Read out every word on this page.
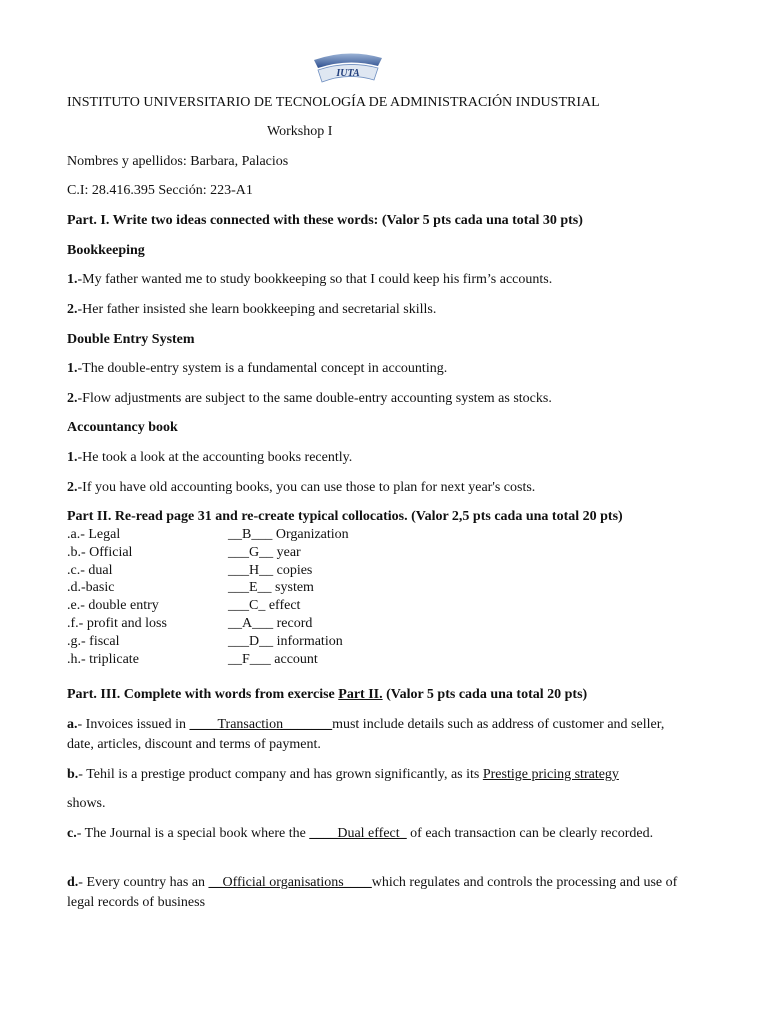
IUTA
INSTITUTO UNIVERSITARIO DE TECNOLOGÍA DE ADMINISTRACIÓN INDUSTRIAL
Workshop I
Nombres y apellidos: Barbara, Palacios
C.I: 28.416.395 Sección: 223-A1
Part. I. Write two ideas connected with these words: (Valor 5 pts cada una total 30 pts)
Bookkeeping
1.-My father wanted me to study bookkeeping so that I could keep his firm’s accounts.
2.-Her father insisted she learn bookkeeping and secretarial skills.
Double Entry System
1.-The double-entry system is a fundamental concept in accounting.
2.-Flow adjustments are subject to the same double-entry accounting system as stocks.
Accountancy book
1.-He took a look at the accounting books recently.
2.-If you have old accounting books, you can use those to plan for next year's costs.
Part II. Re-read page 31 and re-create typical collocatios. (Valor 2,5 pts cada una total 20 pts)
.a.- Legal	__B___ Organization
.b.- Official	___G__ year
.c.- dual	___H__ copies
.d.-basic	___E__ system
.e.- double entry	___C_ effect
.f.- profit and loss	__A___ record
.g.- fiscal	___D__ information
.h.- triplicate	__F___ account
Part. III. Complete with words from exercise Part II. (Valor 5 pts cada una total 20 pts)
a.- Invoices issued in ____Transaction_______must include details such as address of customer and seller, date, articles, discount and terms of payment.
b.- Tehil is a prestige product company and has grown significantly, as its Prestige pricing strategy
shows.
c.- The Journal is a special book where the ____Dual effect_ of each transaction can be clearly recorded.
d.- Every country has an __Official organisations____which regulates and controls the processing and use of legal records of business
